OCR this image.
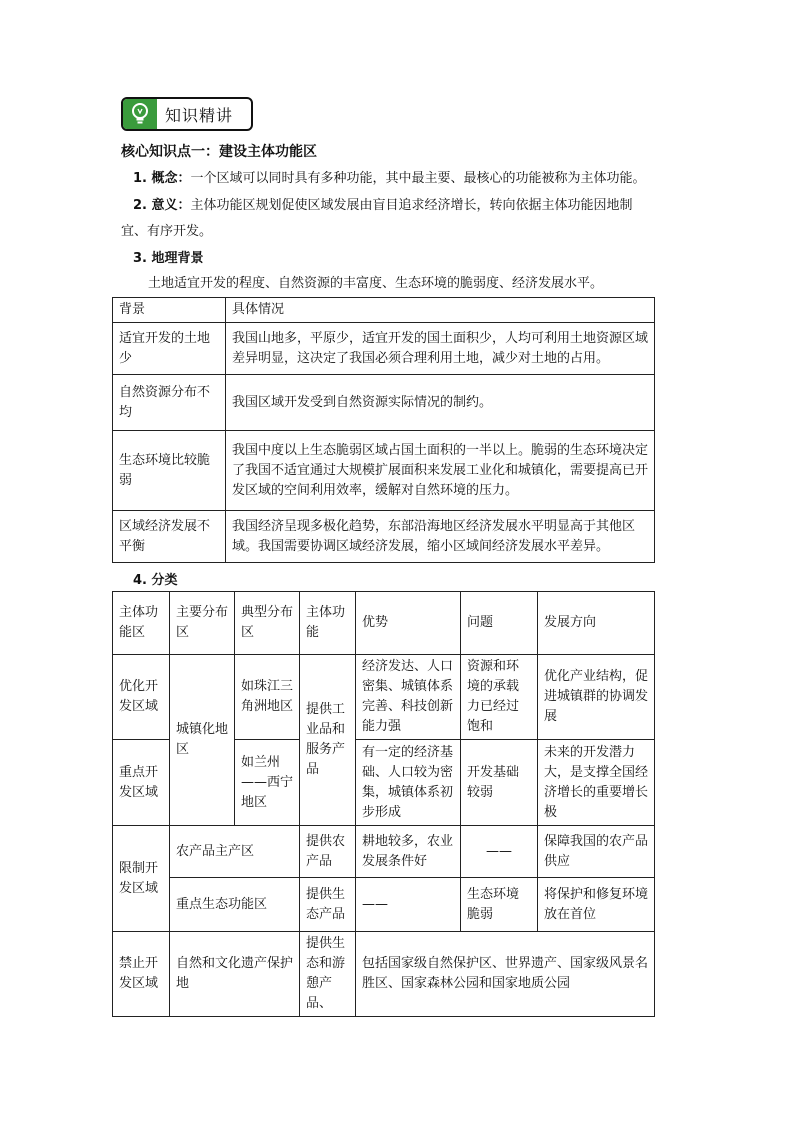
知识精讲
核心知识点一：建设主体功能区
1. 概念：一个区域可以同时具有多种功能，其中最主要、最核心的功能被称为主体功能。
2. 意义：主体功能区规划促使区域发展由盲目追求经济增长，转向依据主体功能因地制
宜、有序开发。
3. 地理背景
土地适宜开发的程度、自然资源的丰富度、生态环境的脆弱度、经济发展水平。
背景	具体情况
适宜开发的土地少	我国山地多，平原少，适宜开发的国土面积少，人均可利用土地资源区域差异明显，这决定了我国必须合理利用土地，减少对土地的占用。
自然资源分布不均	我国区域开发受到自然资源实际情况的制约。
生态环境比较脆弱	我国中度以上生态脆弱区域占国土面积的一半以上。脆弱的生态环境决定了我国不适宜通过大规模扩展面积来发展工业化和城镇化，需要提高已开发区域的空间利用效率，缓解对自然环境的压力。
区域经济发展不平衡	我国经济呈现多极化趋势，东部沿海地区经济发展水平明显高于其他区域。我国需要协调区域经济发展，缩小区域间经济发展水平差异。
4. 分类
主体功能区	主要分布区	典型分布区	主体功能	优势	问题	发展方向
优化开发区域	城镇化地区	如珠江三角洲地区	提供工业品和服务产品	经济发达、人口密集、城镇体系完善、科技创新能力强	资源和环境的承载力已经过饱和	优化产业结构，促进城镇群的协调发展
重点开发区域		如兰州——西宁地区		有一定的经济基础、人口较为密集，城镇体系初步形成	开发基础较弱	未来的开发潜力大，是支撑全国经济增长的重要增长极
限制开发区域	农产品主产区		提供农产品	耕地较多，农业发展条件好	——	保障我国的农产品供应
	重点生态功能区		提供生态产品	——	生态环境脆弱	将保护和修复环境放在首位
禁止开发区域	自然和文化遗产保护地		提供生态和游憩产品、	包括国家级自然保护区、世界遗产、国家级风景名胜区、国家森林公园和国家地质公园		
